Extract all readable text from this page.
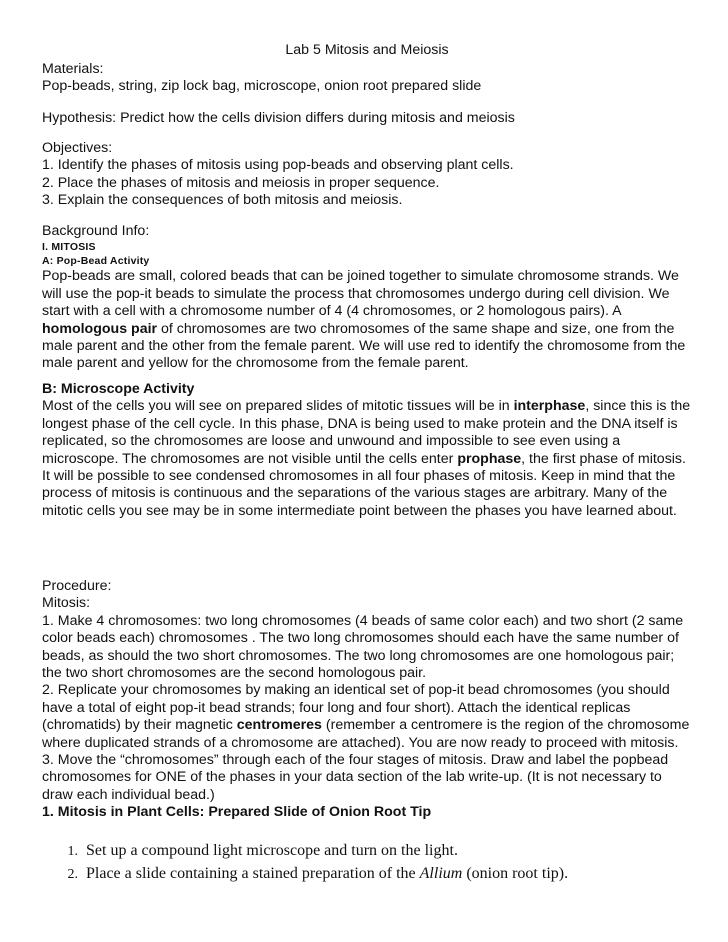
Lab 5 Mitosis and Meiosis

Materials:

Pop-beads, string, zip lock bag, microscope, onion root prepared slide

Hypothesis: Predict how the cells division differs during mitosis and meiosis

Objectives:

1. Identify the phases of mitosis using pop-beads and observing plant cells.

2. Place the phases of mitosis and meiosis in proper sequence.

3. Explain the consequences of both mitosis and meiosis.

Background Info:

I. MITOSIS

A: Pop-Bead Activity

Pop-beads are small, colored beads that can be joined together to simulate chromosome strands. We will use the pop-it beads to simulate the process that chromosomes undergo during cell division. We start with a cell with a chromosome number of 4 (4 chromosomes, or 2 homologous pairs). A homologous pair of chromosomes are two chromosomes of the same shape and size, one from the male parent and the other from the female parent. We will use red to identify the chromosome from the male parent and yellow for the chromosome from the female parent.

B: Microscope Activity

Most of the cells you will see on prepared slides of mitotic tissues will be in interphase, since this is the longest phase of the cell cycle. In this phase, DNA is being used to make protein and the DNA itself is replicated, so the chromosomes are loose and unwound and impossible to see even using a microscope. The chromosomes are not visible until the cells enter prophase, the first phase of mitosis. It will be possible to see condensed chromosomes in all four phases of mitosis. Keep in mind that the process of mitosis is continuous and the separations of the various stages are arbitrary. Many of the mitotic cells you see may be in some intermediate point between the phases you have learned about.

Procedure:

Mitosis:

1. Make 4 chromosomes: two long chromosomes (4 beads of same color each) and two short (2 same color beads each) chromosomes . The two long chromosomes should each have the same number of beads, as should the two short chromosomes. The two long chromosomes are one homologous pair; the two short chromosomes are the second homologous pair.

2. Replicate your chromosomes by making an identical set of pop-it bead chromosomes (you should have a total of eight pop-it bead strands; four long and four short). Attach the identical replicas (chromatids) by their magnetic centromeres (remember a centromere is the region of the chromosome where duplicated strands of a chromosome are attached). You are now ready to proceed with mitosis.

3. Move the “chromosomes” through each of the four stages of mitosis. Draw and label the popbead chromosomes for ONE of the phases in your data section of the lab write-up. (It is not necessary to draw each individual bead.)

1. Mitosis in Plant Cells: Prepared Slide of Onion Root Tip

1. Set up a compound light microscope and turn on the light.

2. Place a slide containing a stained preparation of the Allium (onion root tip).
